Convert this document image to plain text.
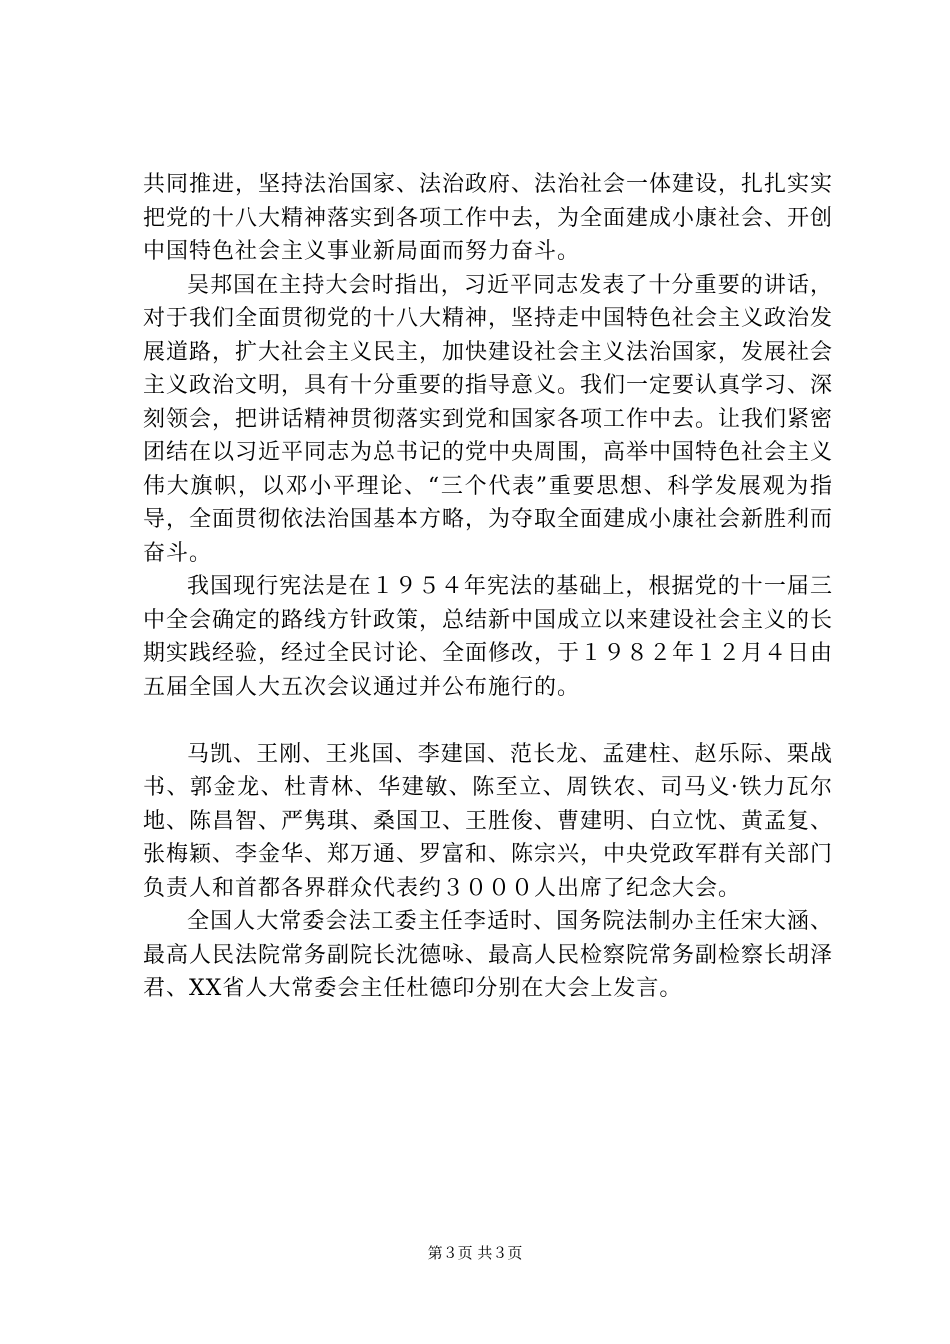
共同推进，坚持法治国家、法治政府、法治社会一体建设，扎扎实实把党的十八大精神落实到各项工作中去，为全面建成小康社会、开创中国特色社会主义事业新局面而努力奋斗。

吴邦国在主持大会时指出，习近平同志发表了十分重要的讲话，对于我们全面贯彻党的十八大精神，坚持走中国特色社会主义政治发展道路，扩大社会主义民主，加快建设社会主义法治国家，发展社会主义政治文明，具有十分重要的指导意义。我们一定要认真学习、深刻领会，把讲话精神贯彻落实到党和国家各项工作中去。让我们紧密团结在以习近平同志为总书记的党中央周围，高举中国特色社会主义伟大旗帜，以邓小平理论、“三个代表”重要思想、科学发展观为指导，全面贯彻依法治国基本方略，为夺取全面建成小康社会新胜利而奋斗。

我国现行宪法是在１９５４年宪法的基础上，根据党的十一届三中全会确定的路线方针政策，总结新中国成立以来建设社会主义的长期实践经验，经过全民讨论、全面修改，于１９８２年１２月４日由五届全国人大五次会议通过并公布施行的。

马凯、王刚、王兆国、李建国、范长龙、孟建柱、赵乐际、栗战书、郭金龙、杜青林、华建敏、陈至立、周铁农、司马义·铁力瓦尔地、陈昌智、严隽琪、桑国卫、王胜俊、曹建明、白立忱、黄孟复、张梅颖、李金华、郑万通、罗富和、陈宗兴，中央党政军群有关部门负责人和首都各界群众代表约３０００人出席了纪念大会。

全国人大常委会法工委主任李适时、国务院法制办主任宋大涵、最高人民法院常务副院长沈德咏、最高人民检察院常务副检察长胡泽君、XX省人大常委会主任杜德印分别在大会上发言。

第３页 共３页
